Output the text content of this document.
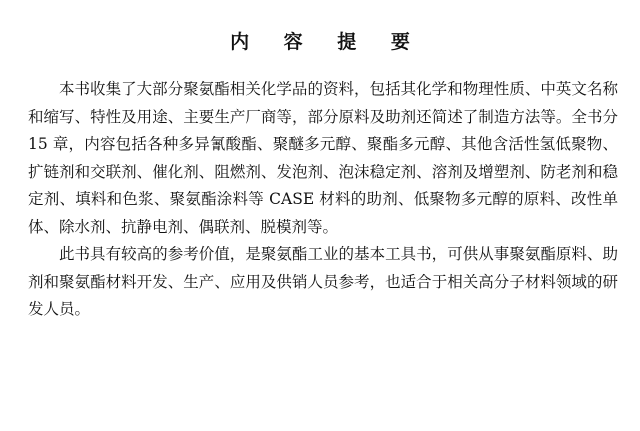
内 容 提 要

本书收集了大部分聚氨酯相关化学品的资料，包括其化学和物理性质、中英文名称和缩写、特性及用途、主要生产厂商等，部分原料及助剂还简述了制造方法等。全书分 15 章，内容包括各种多异氰酸酯、聚醚多元醇、聚酯多元醇、其他含活性氢低聚物、扩链剂和交联剂、催化剂、阻燃剂、发泡剂、泡沫稳定剂、溶剂及增塑剂、防老剂和稳定剂、填料和色浆、聚氨酯涂料等 CASE 材料的助剂、低聚物多元醇的原料、改性单体、除水剂、抗静电剂、偶联剂、脱模剂等。

此书具有较高的参考价值，是聚氨酯工业的基本工具书，可供从事聚氨酯原料、助剂和聚氨酯材料开发、生产、应用及供销人员参考，也适合于相关高分子材料领域的研发人员。
